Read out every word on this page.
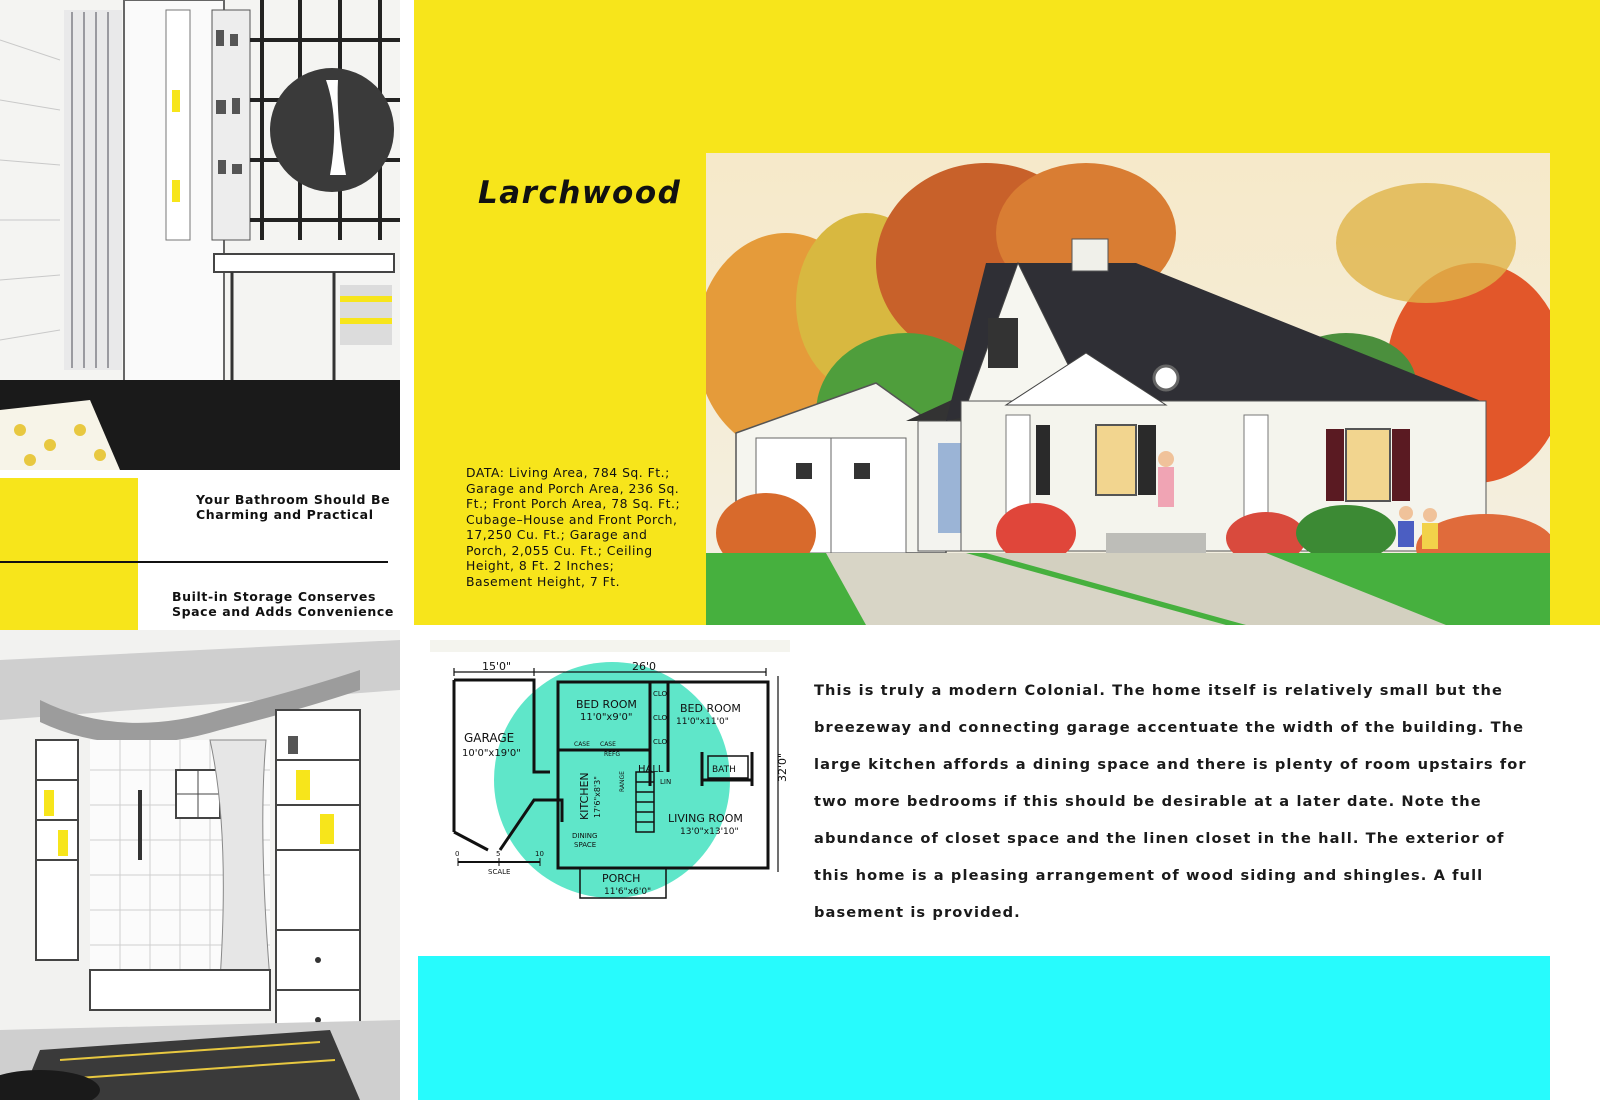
Your Bathroom Should Be
Charming and Practical
Built-in Storage Conserves
Space and Adds Convenience
Larchwood
DATA: Living Area, 784 Sq. Ft.; Garage and Porch Area, 236 Sq. Ft.; Front Porch Area, 78 Sq. Ft.; Cubage–House and Front Porch, 17,250 Cu. Ft.; Garage and Porch, 2,055 Cu. Ft.; Ceiling Height, 8 Ft. 2 Inches; Basement Height, 7 Ft.
15'0"	26'0
32'0"
GARAGE
10'0"x19'0"
BED ROOM
11'0"x9'0"
BED ROOM
11'0"x11'0"
CLO
CLO
CLO
CASE CASE
REFG
HALL
LIN
BATH
KITCHEN 17'6"x8'3"	RANGE
DINING
SPACE
LIVING ROOM
13'0"x13'10"
PORCH
11'6"x6'0"
0	5	10
SCALE
This is truly a modern Colonial. The home itself is relatively small but the breezeway and connecting garage accentuate the width of the building. The large kitchen affords a dining space and there is plenty of room upstairs for two more bedrooms if this should be desirable at a later date. Note the abundance of closet space and the linen closet in the hall. The exterior of this home is a pleasing arrangement of wood siding and shingles. A full basement is provided.
